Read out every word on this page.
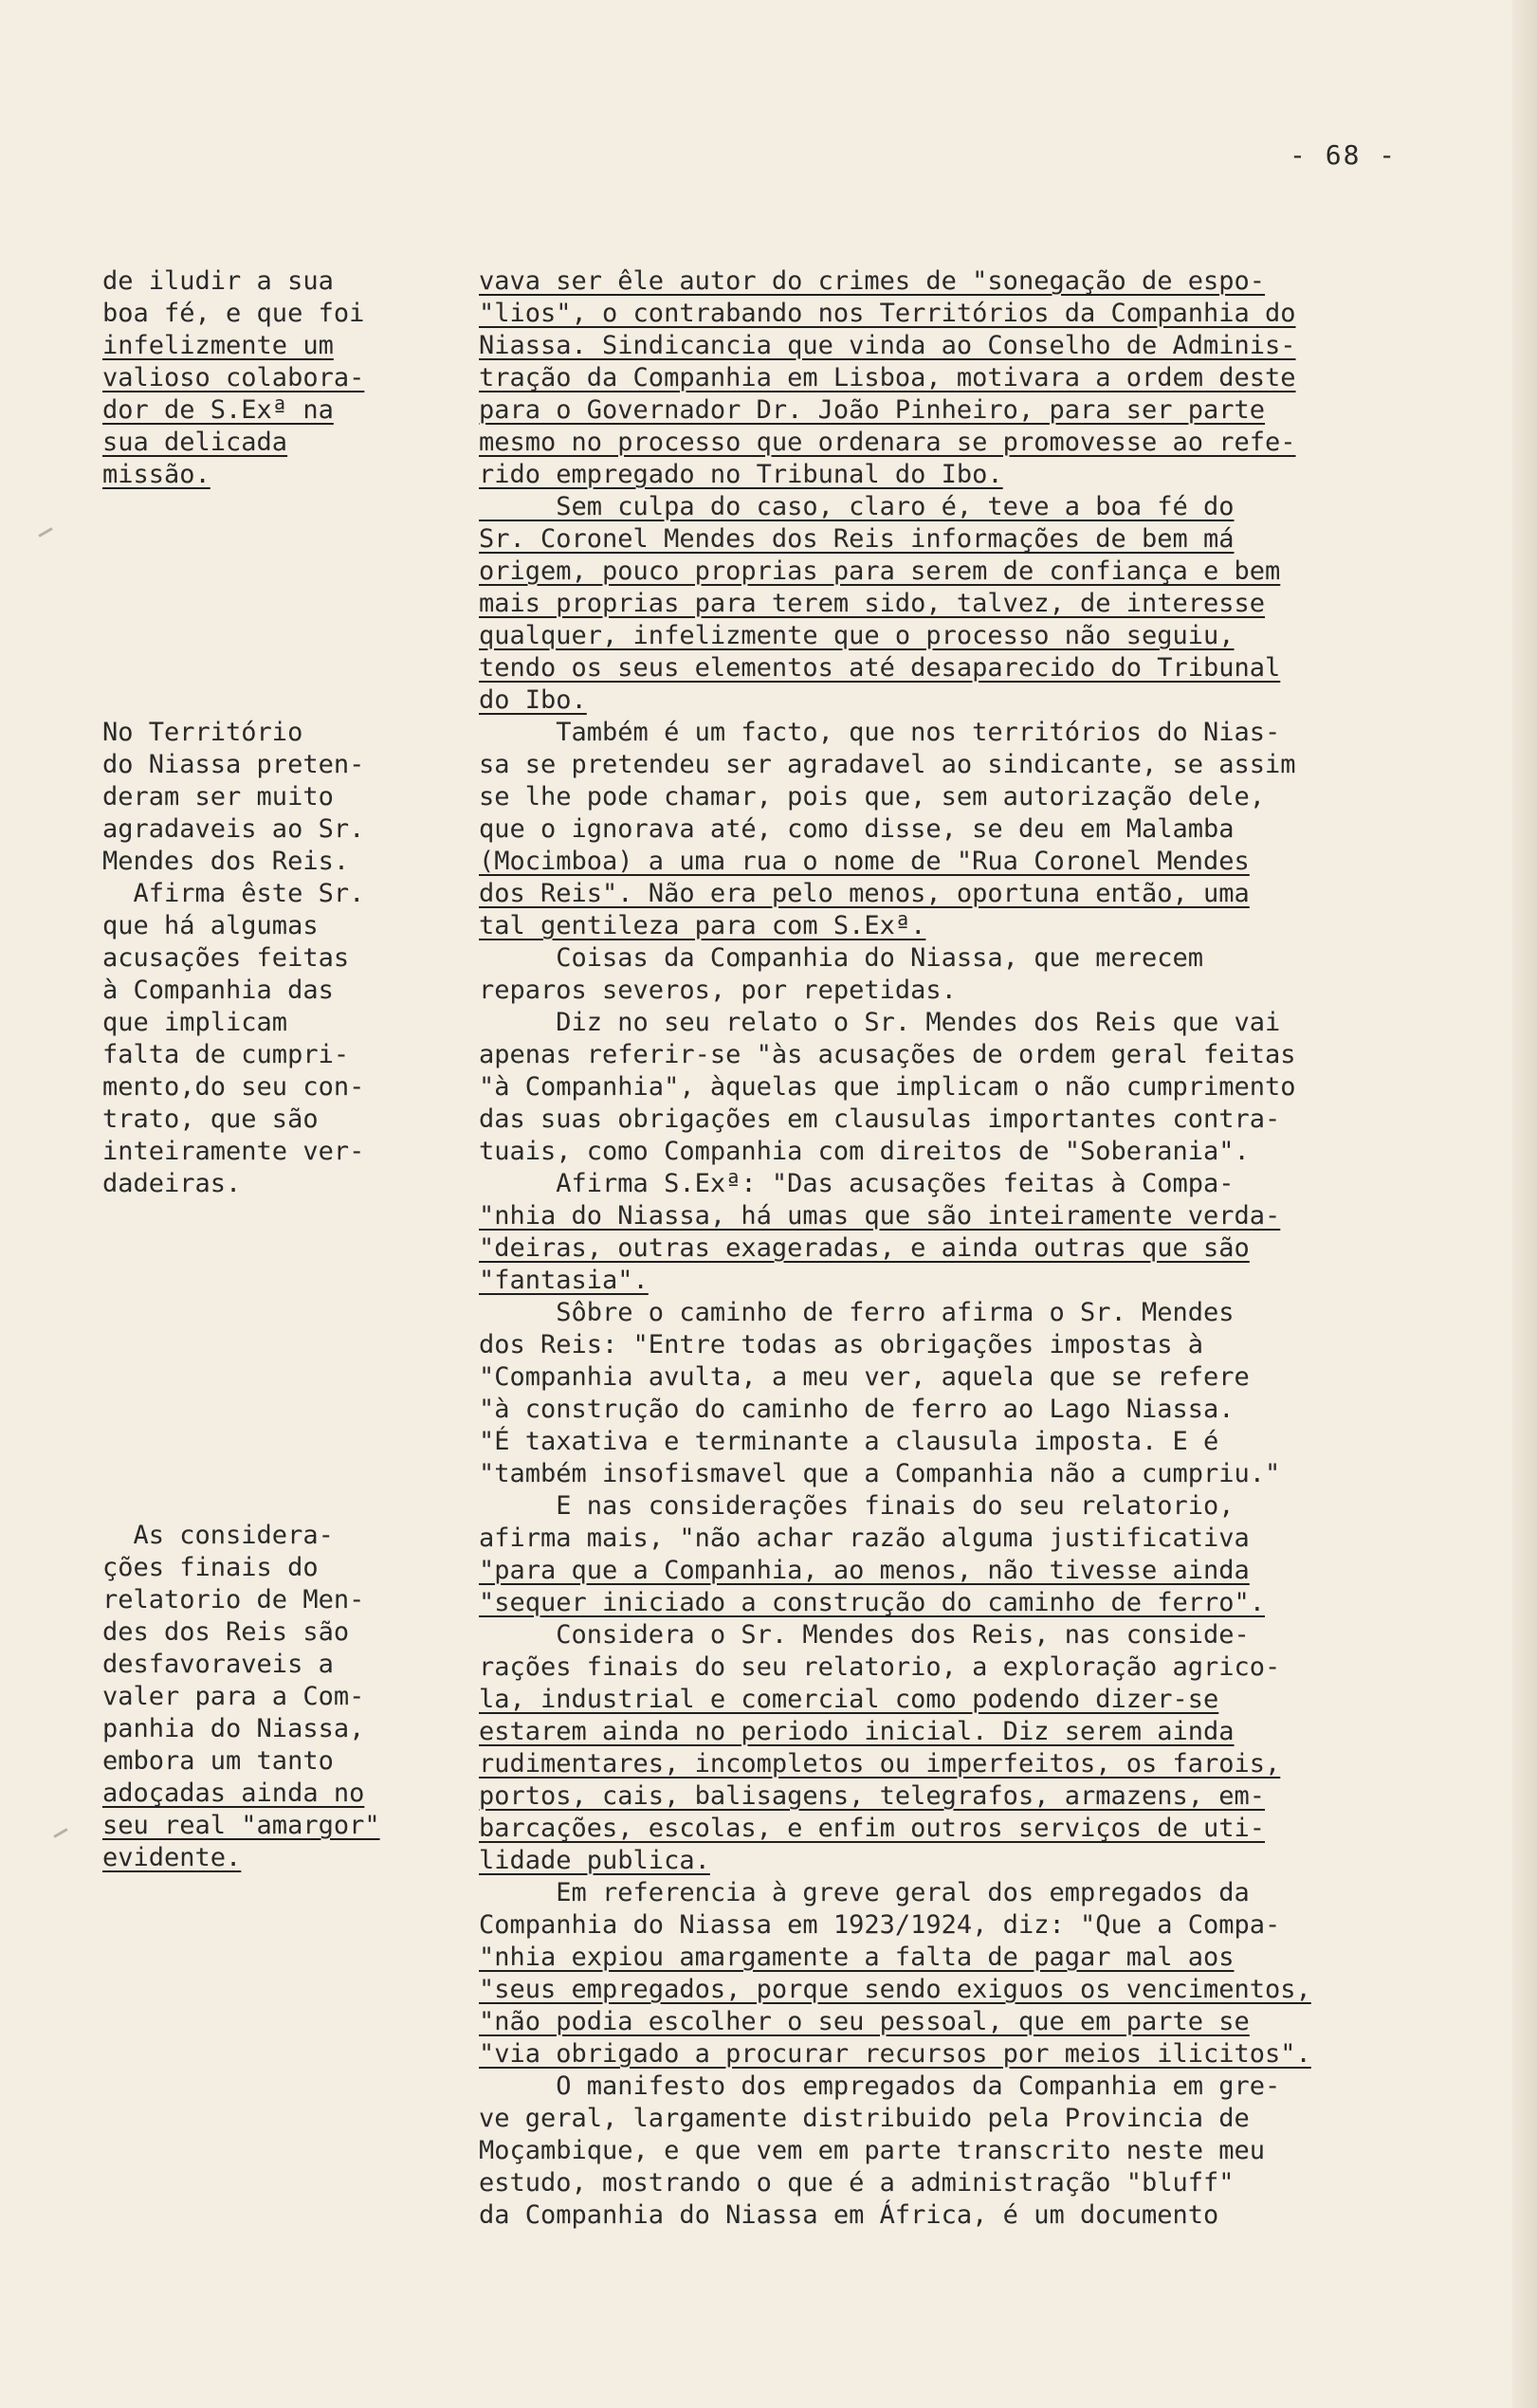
- 68 -
de iludir a sua
boa fé, e que foi
infelizmente um
valioso colabora-
dor de S.Exª na
sua delicada
missão.
No Território
do Niassa preten-
deram ser muito
agradaveis ao Sr.
Mendes dos Reis.
Afirma êste Sr.
que há algumas
acusações feitas
à Companhia das
que implicam
falta de cumpri-
mento,do seu con-
trato, que são
inteiramente ver-
dadeiras.
As considera-
ções finais do
relatorio de Men-
des dos Reis são
desfavoraveis a
valer para a Com-
panhia do Niassa,
embora um tanto
adoçadas ainda no
seu real "amargor"
evidente.
vava ser êle autor do crimes de "sonegação de espo-
"lios", o contrabando nos Territórios da Companhia do
Niassa. Sindicancia que vinda ao Conselho de Adminis-
tração da Companhia em Lisboa, motivara a ordem deste
para o Governador Dr. João Pinheiro, para ser parte
mesmo no processo que ordenara se promovesse ao refe-
rido empregado no Tribunal do Ibo.
Sem culpa do caso, claro é, teve a boa fé do
Sr. Coronel Mendes dos Reis informações de bem má
origem, pouco proprias para serem de confiança e bem
mais proprias para terem sido, talvez, de interesse
qualquer, infelizmente que o processo não seguiu,
tendo os seus elementos até desaparecido do Tribunal
do Ibo.
Também é um facto, que nos territórios do Nias-
sa se pretendeu ser agradavel ao sindicante, se assim
se lhe pode chamar, pois que, sem autorização dele,
que o ignorava até, como disse, se deu em Malamba
(Mocimboa) a uma rua o nome de "Rua Coronel Mendes
dos Reis". Não era pelo menos, oportuna então, uma
tal gentileza para com S.Exª.
Coisas da Companhia do Niassa, que merecem
reparos severos, por repetidas.
Diz no seu relato o Sr. Mendes dos Reis que vai
apenas referir-se "às acusações de ordem geral feitas
"à Companhia", àquelas que implicam o não cumprimento
das suas obrigações em clausulas importantes contra-
tuais, como Companhia com direitos de "Soberania".
Afirma S.Exª: "Das acusações feitas à Compa-
"nhia do Niassa, há umas que são inteiramente verda-
"deiras, outras exageradas, e ainda outras que são
"fantasia".
Sôbre o caminho de ferro afirma o Sr. Mendes
dos Reis: "Entre todas as obrigações impostas à
"Companhia avulta, a meu ver, aquela que se refere
"à construção do caminho de ferro ao Lago Niassa.
"É taxativa e terminante a clausula imposta. E é
"também insofismavel que a Companhia não a cumpriu."
E nas considerações finais do seu relatorio,
afirma mais, "não achar razão alguma justificativa
"para que a Companhia, ao menos, não tivesse ainda
"sequer iniciado a construção do caminho de ferro".
Considera o Sr. Mendes dos Reis, nas conside-
rações finais do seu relatorio, a exploração agrico-
la, industrial e comercial como podendo dizer-se
estarem ainda no periodo inicial. Diz serem ainda
rudimentares, incompletos ou imperfeitos, os farois,
portos, cais, balisagens, telegrafos, armazens, em-
barcações, escolas, e enfim outros serviços de uti-
lidade publica.
Em referencia à greve geral dos empregados da
Companhia do Niassa em 1923/1924, diz: "Que a Compa-
"nhia expiou amargamente a falta de pagar mal aos
"seus empregados, porque sendo exiguos os vencimentos,
"não podia escolher o seu pessoal, que em parte se
"via obrigado a procurar recursos por meios ilicitos".
O manifesto dos empregados da Companhia em gre-
ve geral, largamente distribuido pela Provincia de
Moçambique, e que vem em parte transcrito neste meu
estudo, mostrando o que é a administração "bluff"
da Companhia do Niassa em África, é um documento
